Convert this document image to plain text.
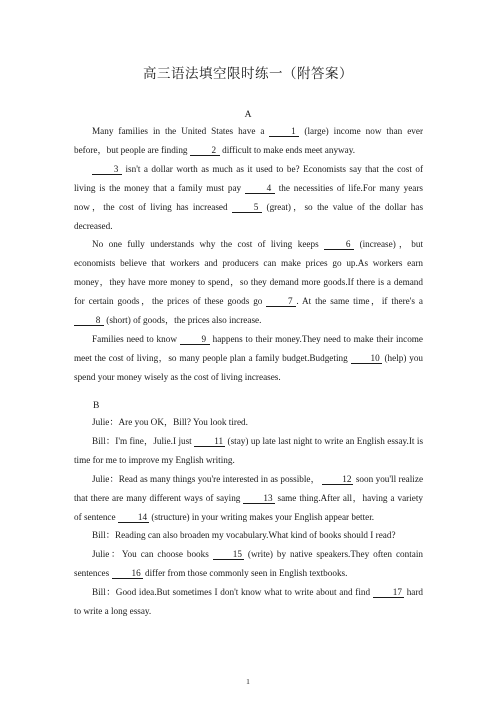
高三语法填空限时练一（附答案）
A

Many families in the United States have a	1 (large) income now than ever before，but people are finding	2 difficult to make ends meet anyway.

3 isn't a dollar worth as much as it used to be? Economists say that the cost of living is the money that a family must pay	4 the necessities of life.For many years now，the cost of living has increased	5 (great)，so the value of the dollar has decreased.

No one fully understands why the cost of living keeps	6 (increase)，but economists believe that workers and producers can make prices go up.As workers earn money，they have more money to spend，so they demand more goods.If there is a demand for certain goods，the prices of these goods go	7 . At the same time，if there's a 8 (short) of goods，the prices also increase.

Families need to know	9 happens to their money.They need to make their income meet the cost of living，so many people plan a family budget.Budgeting 10 (help) you spend your money wisely as the cost of living increases.

B

Julie：Are you OK，Bill? You look tired.

Bill：I'm fine，Julie.I just 11 (stay) up late last night to write an English essay.It is time for me to improve my English writing.

Julie：Read as many things you're interested in as possible， 12 soon you'll realize that there are many different ways of saying 13 same thing.After all，having a variety of sentence 14 (structure) in your writing makes your English appear better.

Bill：Reading can also broaden my vocabulary.What kind of books should I read?

Julie：You can choose books	15 (write) by native speakers.They often contain sentences 16 differ from those commonly seen in English textbooks.

Bill：Good idea.But sometimes I don't know what to write about and find 17 hard to write a long essay.

1
